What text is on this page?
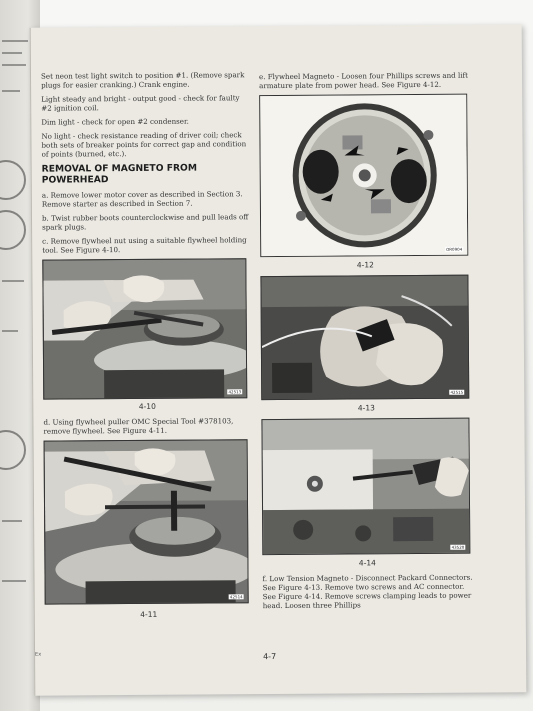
Set neon test light switch to position #1. (Remove spark plugs for easier cranking.) Crank engine.

Light steady and bright - output good - check for faulty #2 ignition coil.

Dim light - check for open #2 condenser.

No light - check resistance reading of driver coil; check both sets of breaker points for correct gap and condition of points (burned, etc.).

REMOVAL OF MAGNETO FROM POWERHEAD

a. Remove lower motor cover as described in Section 3. Remove starter as described in Section 7.

b. Twist rubber boots counterclockwise and pull leads off spark plugs.

c. Remove flywheel nut using a suitable flywheel holding tool. See Figure 4-10.

42513
4-10

d. Using flywheel puller OMC Special Tool #378103, remove flywheel. See Figure 4-11.

42514
4-11

e. Flywheel Magneto - Loosen four Phillips screws and lift armature plate from power head. See Figure 4-12.

OR0904
4-12
42515
4-13
43520
4-14

f. Low Tension Magneto - Disconnect Packard Connectors. See Figure 4-13. Remove two screws and AC connector. See Figure 4-14. Remove screws clamping leads to power head. Loosen three Phillips

4-7
Ex
